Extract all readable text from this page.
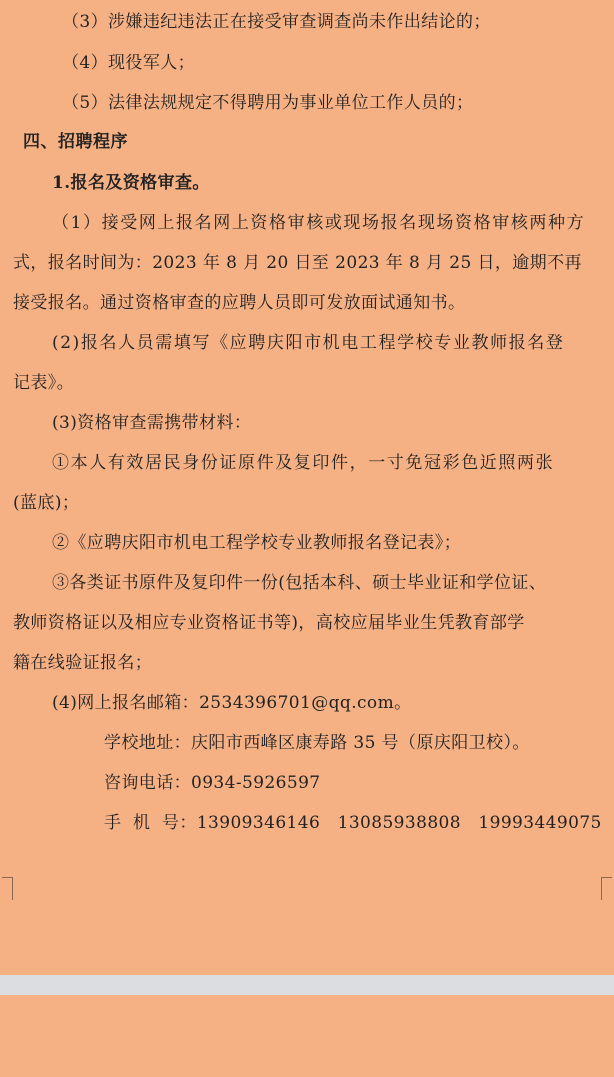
（3）涉嫌违纪违法正在接受审查调查尚未作出结论的；
（4）现役军人；
（5）法律法规规定不得聘用为事业单位工作人员的；
四、招聘程序
1.报名及资格审查。
（1）接受网上报名网上资格审核或现场报名现场资格审核两种方
式，报名时间为：2023 年 8 月 20 日至 2023 年 8 月 25 日，逾期不再
接受报名。通过资格审查的应聘人员即可发放面试通知书。
(2)报名人员需填写《应聘庆阳市机电工程学校专业教师报名登
记表》。
(3)资格审查需携带材料：
①本人有效居民身份证原件及复印件，一寸免冠彩色近照两张
(蓝底)；
②《应聘庆阳市机电工程学校专业教师报名登记表》；
③各类证书原件及复印件一份(包括本科、硕士毕业证和学位证、
教师资格证以及相应专业资格证书等)，高校应届毕业生凭教育部学
籍在线验证报名；
(4)网上报名邮箱：2534396701@qq.com。
学校地址：庆阳市西峰区康寿路 35 号（原庆阳卫校）。
咨询电话：0934-5926597
手  机  号：13909346146   13085938808   19993449075
